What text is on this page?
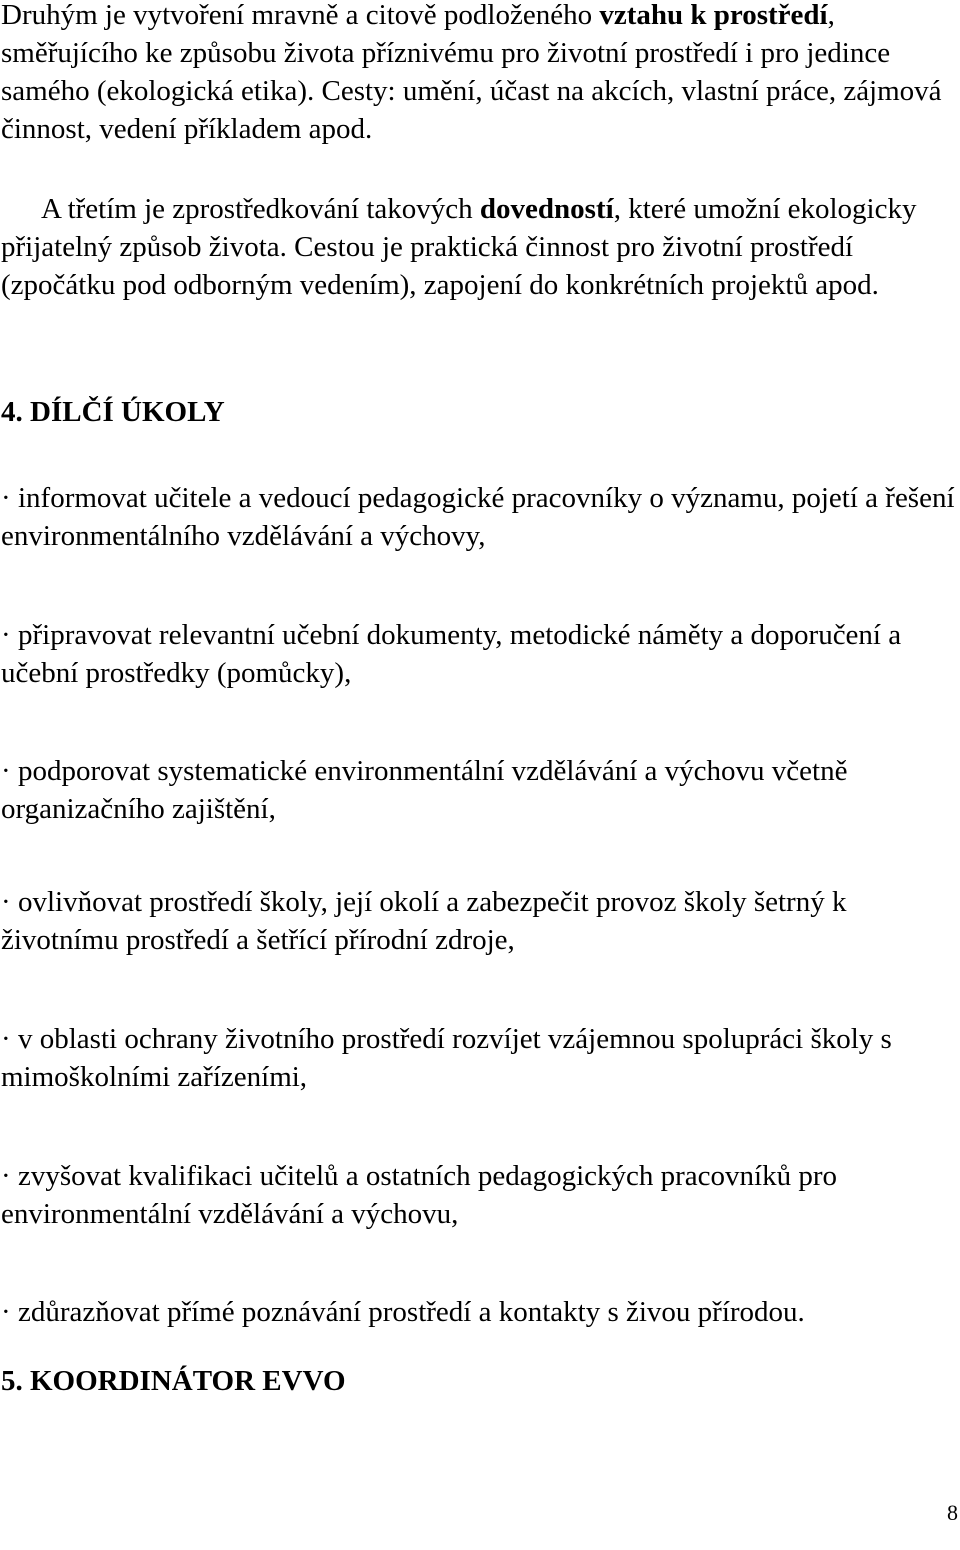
Druhým je vytvoření mravně a citově podloženého vztahu k prostředí, směřujícího ke způsobu života příznivému pro životní prostředí i pro jedince samého (ekologická etika). Cesty: umění, účast na akcích, vlastní práce, zájmová činnost, vedení příkladem apod.

A třetím je zprostředkování takových dovedností, které umožní ekologicky přijatelný způsob života. Cestou je praktická činnost pro životní prostředí (zpočátku pod odborným vedením), zapojení do konkrétních projektů apod.

4. DÍLČÍ ÚKOLY

· informovat učitele a vedoucí pedagogické pracovníky o významu, pojetí a řešení environmentálního vzdělávání a výchovy,

· připravovat relevantní učební dokumenty, metodické náměty a doporučení a učební prostředky (pomůcky),

· podporovat systematické environmentální vzdělávání a výchovu včetně organizačního zajištění,

· ovlivňovat prostředí školy, její okolí a zabezpečit provoz školy šetrný k životnímu prostředí a šetřící přírodní zdroje,

· v oblasti ochrany životního prostředí rozvíjet vzájemnou spolupráci školy s mimoškolními zařízeními,

· zvyšovat kvalifikaci učitelů a ostatních pedagogických pracovníků pro environmentální vzdělávání a výchovu,

· zdůrazňovat přímé poznávání prostředí a kontakty s živou přírodou.

5. KOORDINÁTOR EVVO
8
